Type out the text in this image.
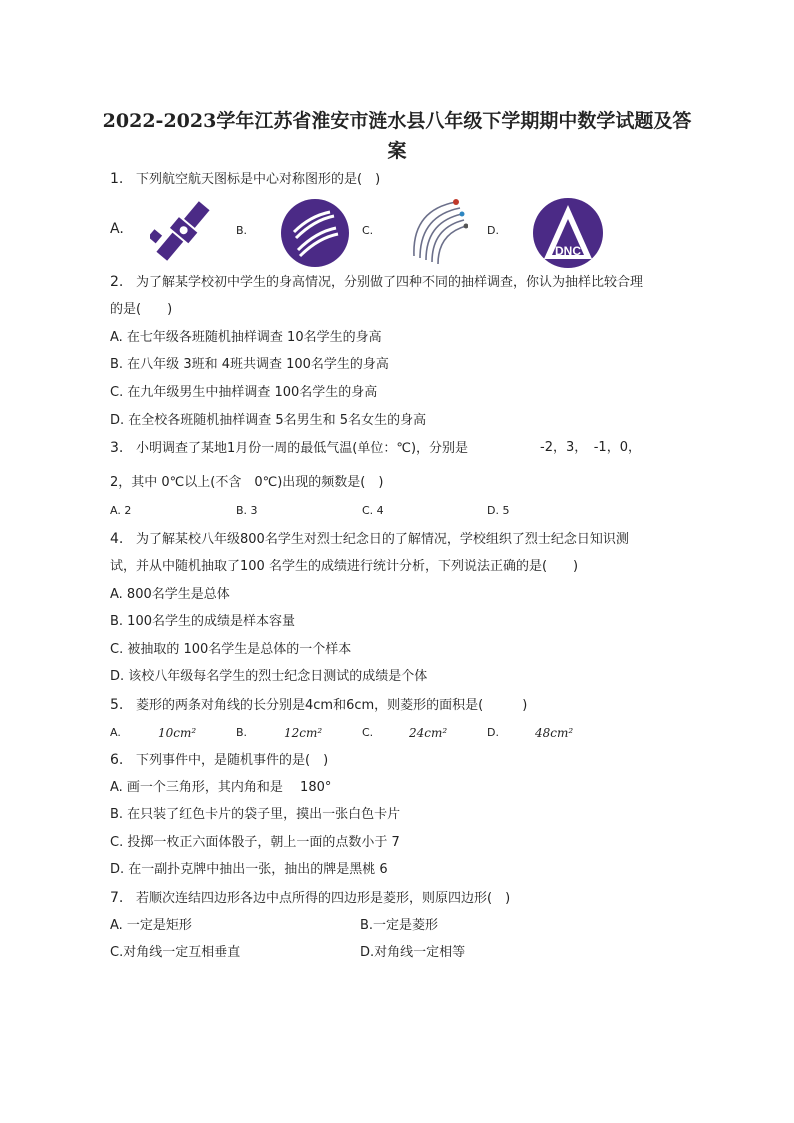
2022-2023学年江苏省淮安市涟水县八年级下学期期中数学试题及答
案
1. 下列航空航天图标是中心对称图形的是(　)
A.	B.	C.	D.
DNC
2. 为了解某学校初中学生的身高情况，分别做了四种不同的抽样调查，你认为抽样比较合理
的是(　　)
A. 在七年级各班随机抽样调查 10名学生的身高
B. 在八年级 3班和 4班共调查 100名学生的身高
C. 在九年级男生中抽样调查 100名学生的身高
D. 在全校各班随机抽样调查 5名男生和 5名女生的身高
3. 小明调查了某地1月份一周的最低气温(单位：℃)，分别是	-2，3，　-1，0，
2，其中 0℃以上(不含　0℃)出现的频数是(　)
A. 2	B. 3	C. 4	D. 5
4. 为了解某校八年级800名学生对烈士纪念日的了解情况，学校组织了烈士纪念日知识测
试，并从中随机抽取了100 名学生的成绩进行统计分析，下列说法正确的是(　　)
A. 800名学生是总体
B. 100名学生的成绩是样本容量
C. 被抽取的 100名学生是总体的一个样本
D. 该校八年级每名学生的烈士纪念日测试的成绩是个体
5. 菱形的两条对角线的长分别是4cm和6cm，则菱形的面积是(　　　)
A.	10cm²	B.	12cm²	C.	24cm²	D.	48cm²
6. 下列事件中，是随机事件的是(　)
A. 画一个三角形，其内角和是　 180°
B. 在只装了红色卡片的袋子里，摸出一张白色卡片
C. 投掷一枚正六面体骰子，朝上一面的点数小于 7
D. 在一副扑克牌中抽出一张，抽出的牌是黑桃 6
7. 若顺次连结四边形各边中点所得的四边形是菱形，则原四边形(　)
A. 一定是矩形	B.一定是菱形
C.对角线一定互相垂直	D.对角线一定相等
